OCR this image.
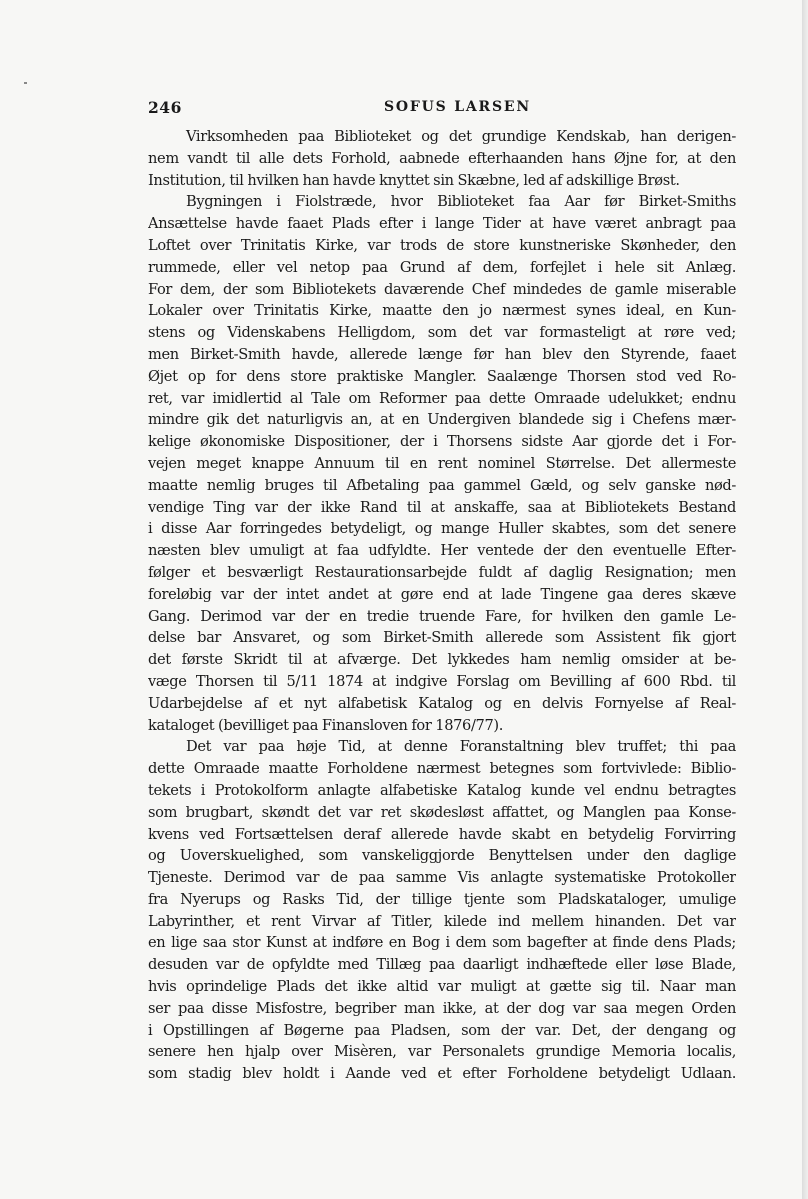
246	SOFUS LARSEN
Virksomheden paa Biblioteket og det grundige Kendskab, han derigen-
nem vandt til alle dets Forhold, aabnede efterhaanden hans Øjne for, at den
Institution, til hvilken han havde knyttet sin Skæbne, led af adskillige Brøst.
Bygningen i Fiolstræde, hvor Biblioteket faa Aar før Birket-Smiths
Ansættelse havde faaet Plads efter i lange Tider at have været anbragt paa
Loftet over Trinitatis Kirke, var trods de store kunstneriske Skønheder, den
rummede, eller vel netop paa Grund af dem, forfejlet i hele sit Anlæg.
For dem, der som Bibliotekets daværende Chef mindedes de gamle miserable
Lokaler over Trinitatis Kirke, maatte den jo nærmest synes ideal, en Kun-
stens og Videnskabens Helligdom, som det var formasteligt at røre ved;
men Birket-Smith havde, allerede længe før han blev den Styrende, faaet
Øjet op for dens store praktiske Mangler. Saalænge Thorsen stod ved Ro-
ret, var imidlertid al Tale om Reformer paa dette Omraade udelukket; endnu
mindre gik det naturligvis an, at en Undergiven blandede sig i Chefens mær-
kelige økonomiske Dispositioner, der i Thorsens sidste Aar gjorde det i For-
vejen meget knappe Annuum til en rent nominel Størrelse. Det allermeste
maatte nemlig bruges til Afbetaling paa gammel Gæld, og selv ganske nød-
vendige Ting var der ikke Rand til at anskaffe, saa at Bibliotekets Bestand
i disse Aar forringedes betydeligt, og mange Huller skabtes, som det senere
næsten blev umuligt at faa udfyldte. Her ventede der den eventuelle Efter-
følger et besværligt Restaurationsarbejde fuldt af daglig Resignation; men
foreløbig var der intet andet at gøre end at lade Tingene gaa deres skæve
Gang. Derimod var der en tredie truende Fare, for hvilken den gamle Le-
delse bar Ansvaret, og som Birket-Smith allerede som Assistent fik gjort
det første Skridt til at afværge. Det lykkedes ham nemlig omsider at be-
væge Thorsen til 5/11 1874 at indgive Forslag om Bevilling af 600 Rbd. til
Udarbejdelse af et nyt alfabetisk Katalog og en delvis Fornyelse af Real-
kataloget (bevilliget paa Finansloven for 1876/77).
Det var paa høje Tid, at denne Foranstaltning blev truffet; thi paa
dette Omraade maatte Forholdene nærmest betegnes som fortvivlede: Biblio-
tekets i Protokolform anlagte alfabetiske Katalog kunde vel endnu betragtes
som brugbart, skøndt det var ret skødesløst affattet, og Manglen paa Konse-
kvens ved Fortsættelsen deraf allerede havde skabt en betydelig Forvirring
og Uoverskuelighed, som vanskeliggjorde Benyttelsen under den daglige
Tjeneste. Derimod var de paa samme Vis anlagte systematiske Protokoller
fra Nyerups og Rasks Tid, der tillige tjente som Pladskataloger, umulige
Labyrinther, et rent Virvar af Titler, kilede ind mellem hinanden. Det var
en lige saa stor Kunst at indføre en Bog i dem som bagefter at finde dens Plads;
desuden var de opfyldte med Tillæg paa daarligt indhæftede eller løse Blade,
hvis oprindelige Plads det ikke altid var muligt at gætte sig til. Naar man
ser paa disse Misfostre, begriber man ikke, at der dog var saa megen Orden
i Opstillingen af Bøgerne paa Pladsen, som der var. Det, der dengang og
senere hen hjalp over Misèren, var Personalets grundige Memoria localis,
som stadig blev holdt i Aande ved et efter Forholdene betydeligt Udlaan.
